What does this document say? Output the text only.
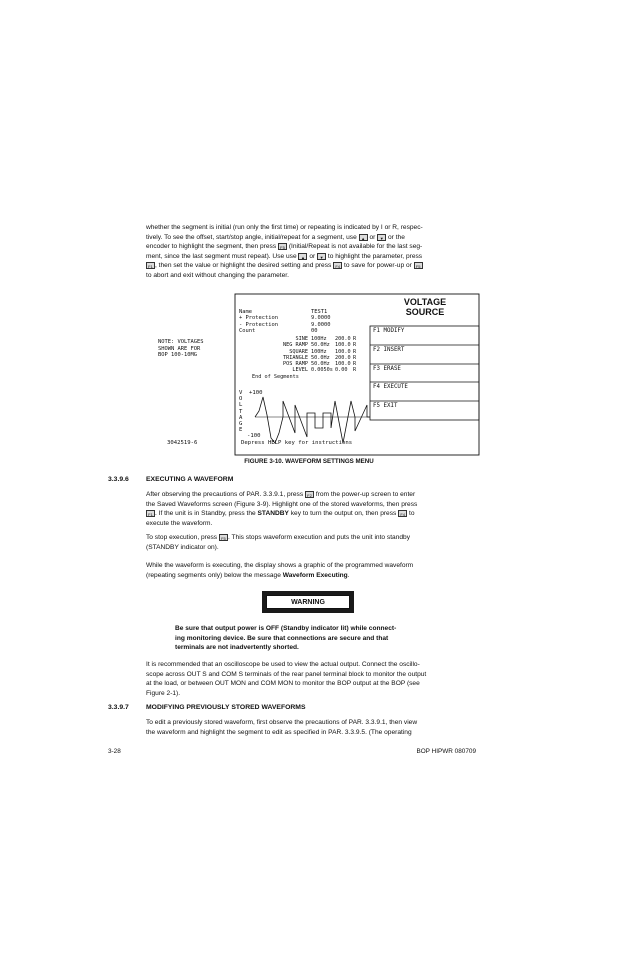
whether the segment is initial (run only the first time) or repeating is indicated by I or R, respec-
tively. To see the offset, start/stop angle, initial/repeat for a segment, use ▲ or ▼ or the
encoder to highlight the segment, then press F5 (Initial/Repeat is not available for the last seg-
ment, since the last segment must repeat). Use use ▲ or ▼ to highlight the parameter, press
F1 , then set the value or highlight the desired setting and press F4 to save for power-up or F5
to abort and exit without changing the parameter.
NOTE: VOLTAGES
SHOWN ARE FOR
BOP 100-10MG
3042519-6
VOLTAGE
SOURCE
Name	TEST1
+ Protection	9.0000
- Protection	9.0000
Count	00
SINE 100Hz	200.0 R
NEG RAMP 50.0Hz	100.0 R
SQUARE 100Hz	100.0 R
TRIANGLE 50.0Hz	200.0 R
POS RAMP 50.0Hz	100.0 R
LEVEL 0.0050s 0.00	R
End of Segments
F1 MODIFY
F2 INSERT
F3 ERASE
F4 EXECUTE
F5 EXIT
V
O
L
T
A
G
E
+100
-100
Depress HELP key for instructions
FIGURE 3-10. WAVEFORM SETTINGS MENU
3.3.9.6	EXECUTING A WAVEFORM
After observing the precautions of PAR. 3.3.9.1, press F2 from the power-up screen to enter
the Saved Waveforms screen (Figure 3-9). Highlight one of the stored waveforms, then press
F1 . If the unit is in Standby, press the STANDBY key to turn the output on, then press F4 to
execute the waveform.
To stop execution, press F5 . This stops waveform execution and puts the unit into standby
(STANDBY indicator on).
While the waveform is executing, the display shows a graphic of the programmed waveform
(repeating segments only) below the message Waveform Executing.
WARNING
Be sure that output power is OFF (Standby indicator lit) while connect-
ing monitoring device. Be sure that connections are secure and that
terminals are not inadvertently shorted.
It is recommended that an oscilloscope be used to view the actual output. Connect the oscillo-
scope across OUT S and COM S terminals of the rear panel terminal block to monitor the output
at the load, or between OUT MON and COM MON to monitor the BOP output at the BOP (see
Figure 2-1).
3.3.9.7	MODIFYING PREVIOUSLY STORED WAVEFORMS
To edit a previously stored waveform, first observe the precautions of PAR. 3.3.9.1, then view
the waveform and highlight the segment to edit as specified in PAR. 3.3.9.5. (The operating
3-28	BOP HIPWR 080709
